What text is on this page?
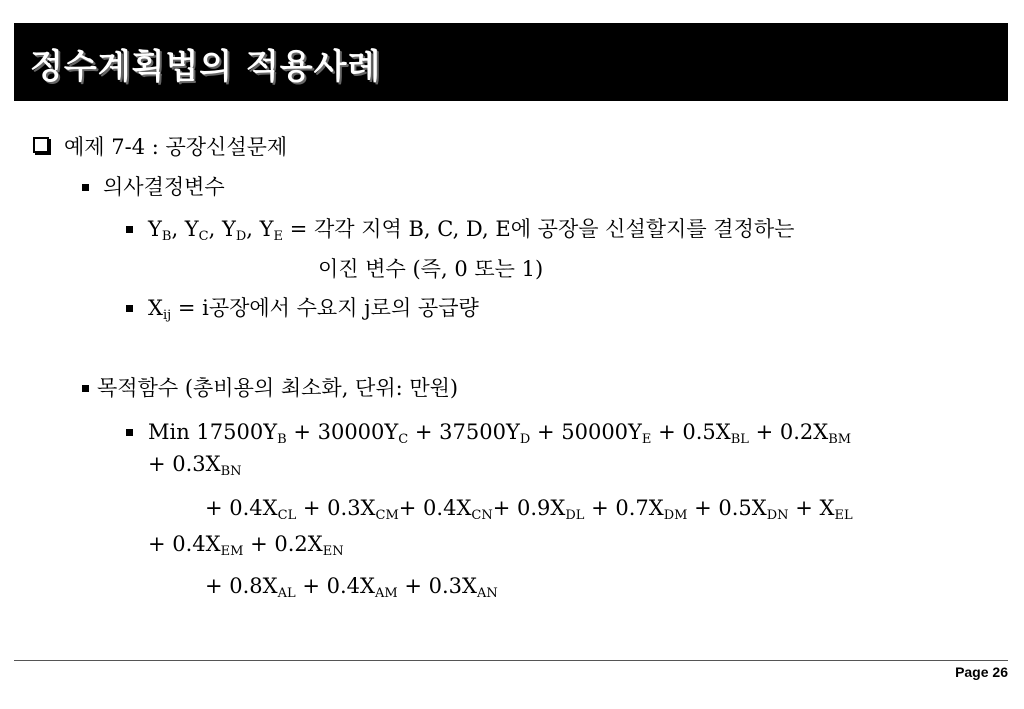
정수계획법의 적용사례
예제 7-4 : 공장신설문제
의사결정변수
$Y_B$, $Y_C$, $Y_D$, $Y_E$ = 각각 지역 B, C, D, E에 공장을 신설할지를 결정하는
이진 변수 (즉, 0 또는 1)
$X_{ij} = i$공장에서 수요지 j로의 공급량
목적함수 (총비용의 최소화, 단위: 만원)
Min $17500Y_B + 30000Y_C + 37500Y_D + 50000Y_E + 0.5X_{BL} + 0.2X_{BM}$
+ $0.3X_{BN}$
+ $0.4X_{CL} + 0.3X_{CM}+ 0.4X_{CN}+ 0.9X_{DL} + 0.7X_{DM} + 0.5X_{DN} + X_{EL}$
+ $0.4X_{EM} + 0.2X_{EN}$
+ $0.8X_{AL} + 0.4X_{AM} + 0.3X_{AN}$
Page 26
